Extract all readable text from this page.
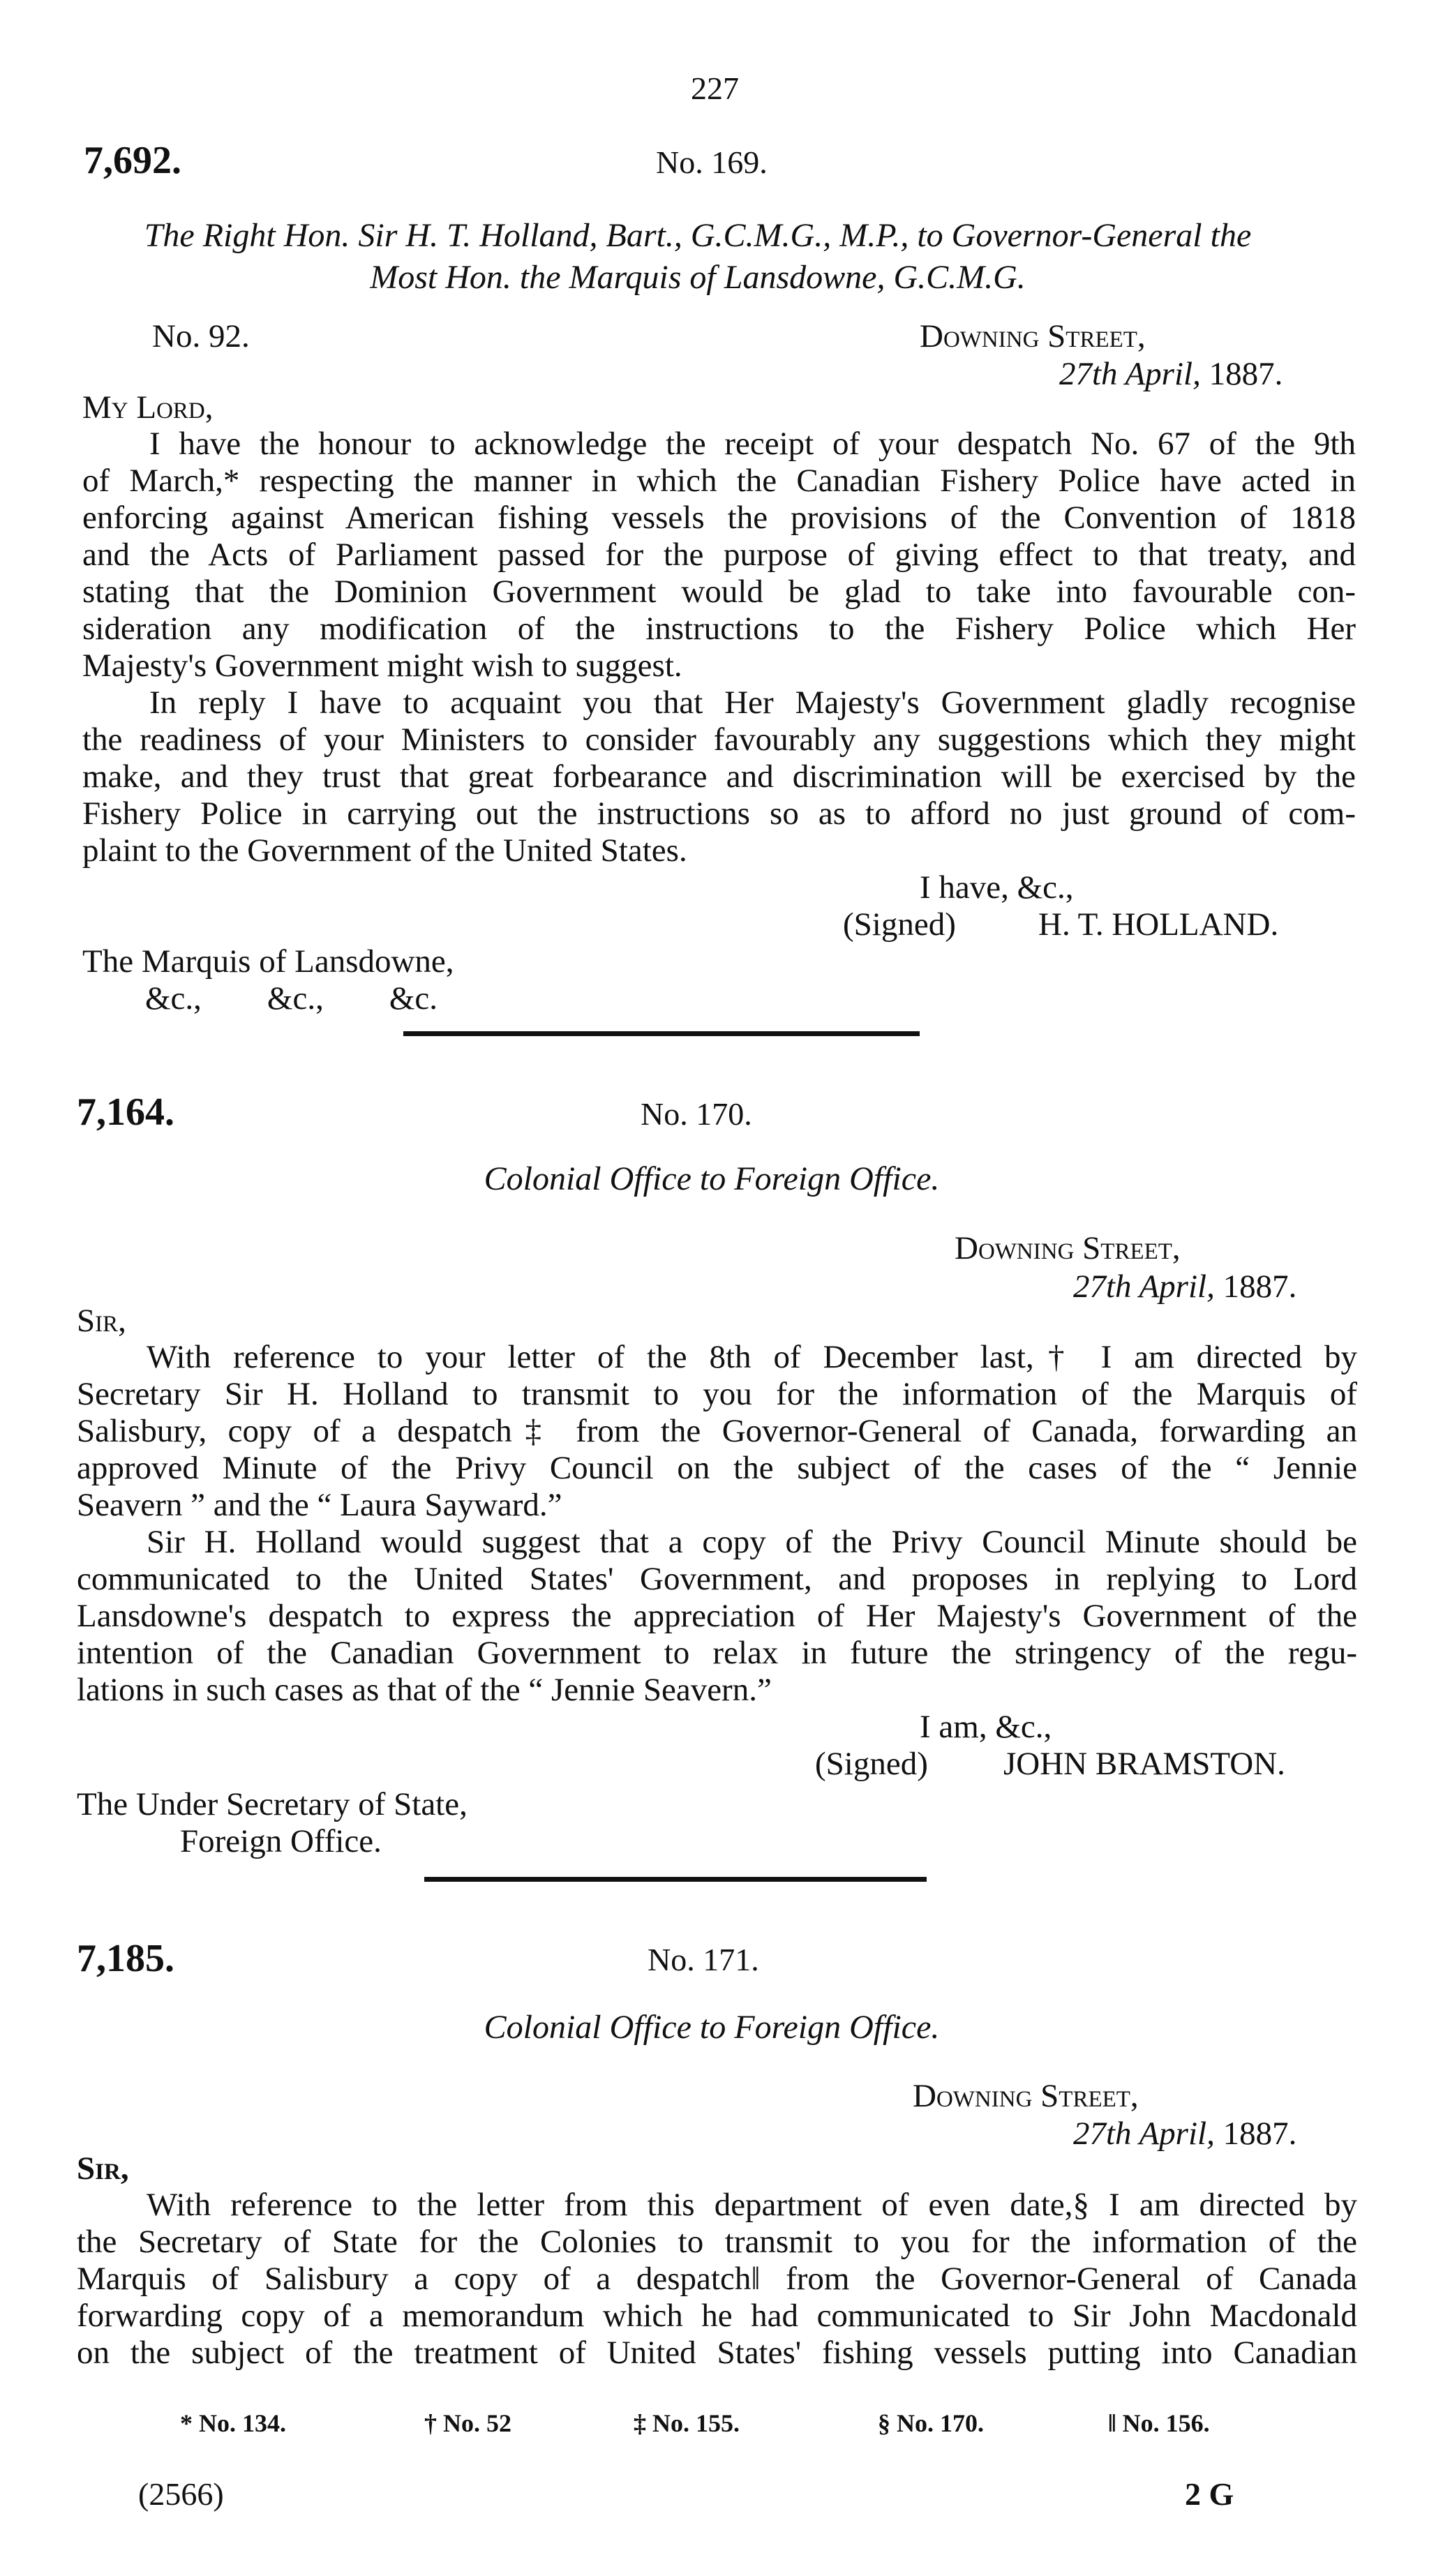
227
7,692.	No. 169.
The Right Hon. Sir H. T. Holland, Bart., G.C.M.G., M.P., to Governor-General the
Most Hon. the Marquis of Lansdowne, G.C.M.G.
No. 92.	Downing Street,
27th April, 1887.
My Lord,
I have the honour to acknowledge the receipt of your despatch No. 67 of the 9th
of March,* respecting the manner in which the Canadian Fishery Police have acted in
enforcing against American fishing vessels the provisions of the Convention of 1818
and the Acts of Parliament passed for the purpose of giving effect to that treaty, and
stating that the Dominion Government would be glad to take into favourable con-
sideration any modification of the instructions to the Fishery Police which Her
Majesty's Government might wish to suggest.
In reply I have to acquaint you that Her Majesty's Government gladly recognise
the readiness of your Ministers to consider favourably any suggestions which they might
make, and they trust that great forbearance and discrimination will be exercised by the
Fishery Police in carrying out the instructions so as to afford no just ground of com-
plaint to the Government of the United States.
I have, &c.,
(Signed)	H. T. HOLLAND.
The Marquis of Lansdowne,
&c.,        &c.,        &c.
7,164.	No. 170.
Colonial Office to Foreign Office.
Downing Street,
27th April, 1887.
Sir,
With reference to your letter of the 8th of December last,† I am directed by
Secretary Sir H. Holland to transmit to you for the information of the Marquis of
Salisbury, copy of a despatch‡ from the Governor-General of Canada, forwarding an
approved Minute of the Privy Council on the subject of the cases of the “ Jennie
Seavern ” and the “ Laura Sayward.”
Sir H. Holland would suggest that a copy of the Privy Council Minute should be
communicated to the United States' Government, and proposes in replying to Lord
Lansdowne's despatch to express the appreciation of Her Majesty's Government of the
intention of the Canadian Government to relax in future the stringency of the regu-
lations in such cases as that of the “ Jennie Seavern.”
I am, &c.,
(Signed) JOHN BRAMSTON.
The Under Secretary of State,
Foreign Office.
7,185.	No. 171.
Colonial Office to Foreign Office.
Downing Street,
27th April, 1887.
Sir,
With reference to the letter from this department of even date,§ I am directed by
the Secretary of State for the Colonies to transmit to you for the information of the
Marquis of Salisbury a copy of a despatch‖ from the Governor-General of Canada
forwarding copy of a memorandum which he had communicated to Sir John Macdonald
on the subject of the treatment of United States' fishing vessels putting into Canadian
* No. 134.	† No. 52	‡ No. 155.	§ No. 170.	‖ No. 156.
(2566)	2 G
